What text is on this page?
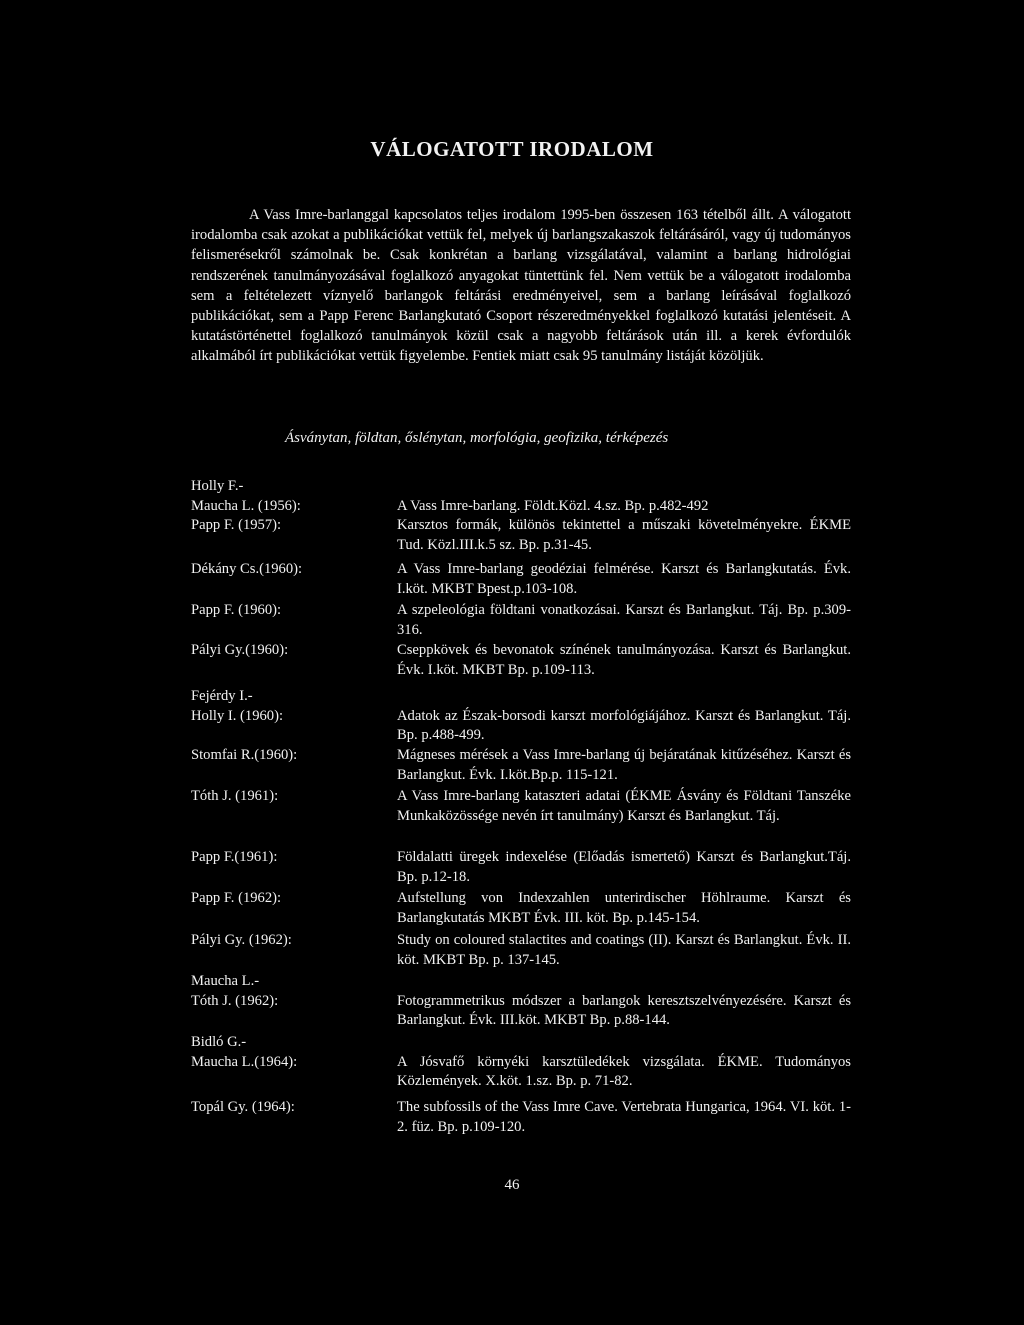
VÁLOGATOTT IRODALOM

A Vass Imre-barlanggal kapcsolatos teljes irodalom 1995-ben összesen 163 tételből állt. A válogatott irodalomba csak azokat a publikációkat vettük fel, melyek új barlangszakaszok feltárásáról, vagy új tudományos felismerésekről számolnak be. Csak konkrétan a barlang vizsgálatával, valamint a barlang hidrológiai rendszerének tanulmányozásával foglalkozó anyagokat tüntettünk fel. Nem vettük be a válogatott irodalomba sem a feltételezett víznyelő barlangok feltárási eredményeivel, sem a barlang leírásával foglalkozó publikációkat, sem a Papp Ferenc Barlangkutató Csoport részeredményekkel foglalkozó kutatási jelentéseit. A kutatástörténettel foglalkozó tanulmányok közül csak a nagyobb feltárások után ill. a kerek évfordulók alkalmából írt publikációkat vettük figyelembe. Fentiek miatt csak 95 tanulmány listáját közöljük.

Ásványtan, földtan, őslénytan, morfológia, geofizika, térképezés
Holly F.-
Maucha L. (1956):	A Vass Imre-barlang. Földt.Közl. 4.sz. Bp. p.482-492
Papp F. (1957):	Karsztos formák, különös tekintettel a műszaki követelményekre. ÉKME Tud. Közl.III.k.5 sz. Bp. p.31-45.
Dékány Cs.(1960):	A Vass Imre-barlang geodéziai felmérése. Karszt és Barlangkutatás. Évk. I.köt. MKBT Bpest.p.103-108.
Papp F. (1960):	A szpeleológia földtani vonatkozásai. Karszt és Barlangkut. Táj. Bp. p.309-316.
Pályi Gy.(1960):	Cseppkövek és bevonatok színének tanulmányozása. Karszt és Barlangkut. Évk. I.köt. MKBT Bp. p.109-113.
Fejérdy I.-
Holly I. (1960):	Adatok az Észak-borsodi karszt morfológiájához. Karszt és Barlangkut. Táj. Bp. p.488-499.
Stomfai R.(1960):	Mágneses mérések a Vass Imre-barlang új bejáratának kitűzéséhez. Karszt és Barlangkut. Évk. I.köt.Bp.p. 115-121.
Tóth J. (1961):	A Vass Imre-barlang kataszteri adatai (ÉKME Ásvány és Földtani Tanszéke Munkaközössége nevén írt tanulmány) Karszt és Barlangkut. Táj.
Papp F.(1961):	Földalatti üregek indexelése (Előadás ismertető) Karszt és Barlangkut.Táj. Bp. p.12-18.
Papp F. (1962):	Aufstellung von Indexzahlen unterirdischer Höhlraume. Karszt és Barlangkutatás MKBT Évk. III. köt. Bp. p.145-154.
Pályi Gy. (1962):	Study on coloured stalactites and coatings (II). Karszt és Barlangkut. Évk. II. köt. MKBT Bp. p. 137-145.
Maucha L.-
Tóth J. (1962):	Fotogrammetrikus módszer a barlangok keresztszelvényezésére. Karszt és Barlangkut. Évk. III.köt. MKBT Bp. p.88-144.
Bidló G.-
Maucha L.(1964):	A Jósvafő környéki karsztüledékek vizsgálata. ÉKME. Tudományos Közlemények. X.köt. 1.sz. Bp. p. 71-82.
Topál Gy. (1964):	The subfossils of the Vass Imre Cave. Vertebrata Hungarica, 1964. VI. köt. 1-2. füz. Bp. p.109-120.
46
